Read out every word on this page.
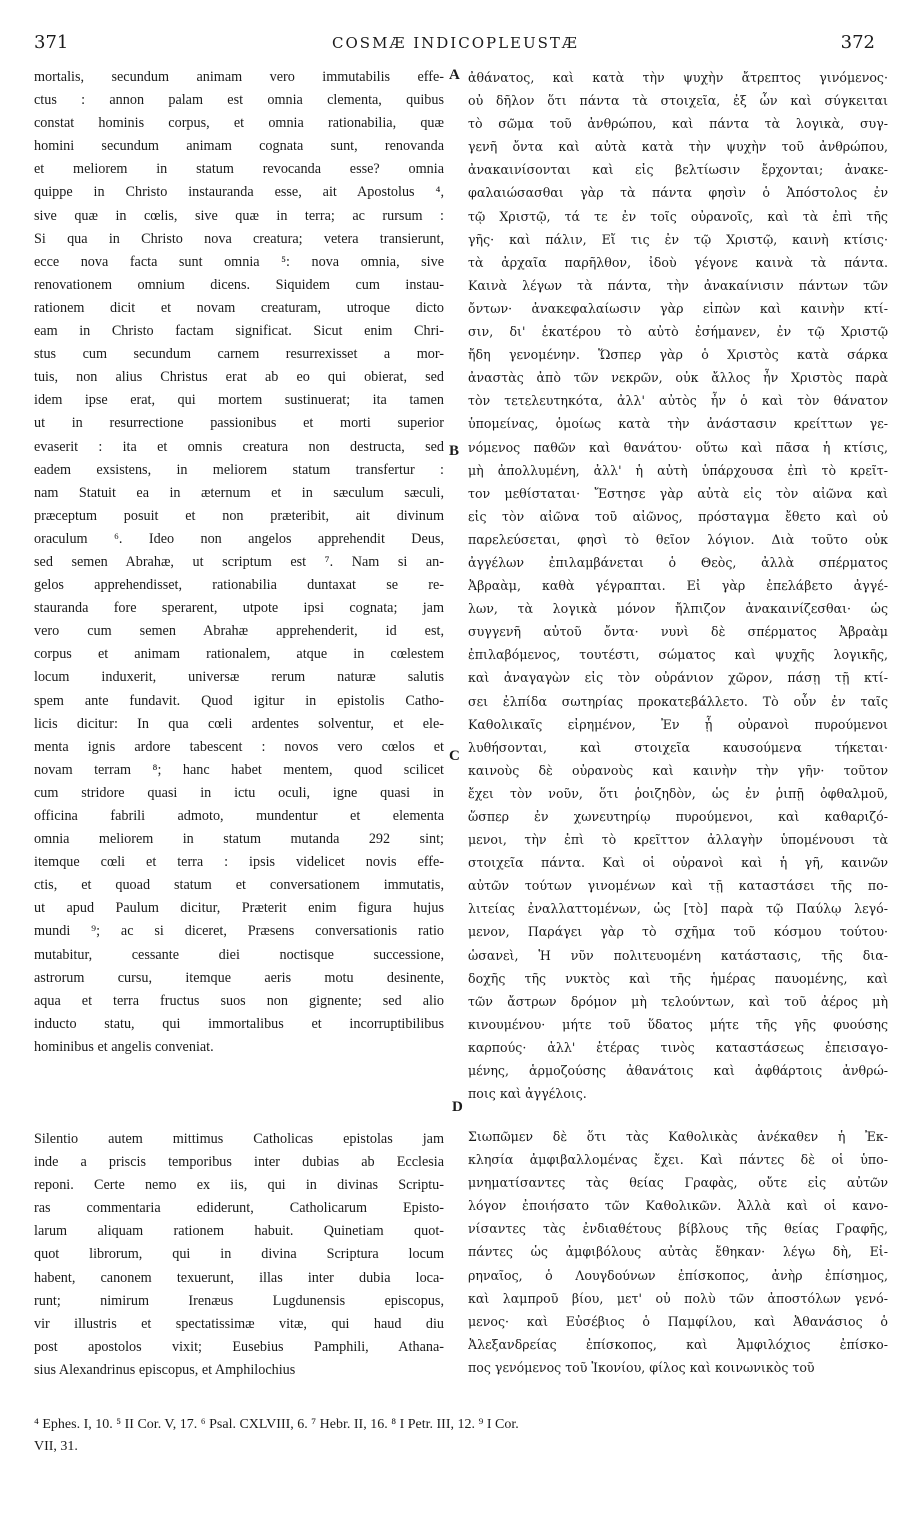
371	COSMÆ INDICOPLEUSTÆ	372
mortalis, secundum animam vero immutabilis effe-
ctus : annon palam est omnia clementa, quibus
constat hominis corpus, et omnia rationabilia, quæ
homini secundum animam cognata sunt, renovanda
et meliorem in statum revocanda esse? omnia
quippe in Christo instauranda esse, ait Apostolus ⁴,
sive quæ in cœlis, sive quæ in terra; ac rursum :
Si qua in Christo nova creatura; vetera transierunt,
ecce nova facta sunt omnia ⁵: nova omnia, sive
renovationem omnium dicens. Siquidem cum instau-
rationem dicit et novam creaturam, utroque dicto
eam in Christo factam significat. Sicut enim Chri-
stus cum secundum carnem resurrexisset a mor-
tuis, non alius Christus erat ab eo qui obierat, sed
idem ipse erat, qui mortem sustinuerat; ita tamen
ut in resurrectione passionibus et morti superior
evaserit : ita et omnis creatura non destructa, sed
eadem exsistens, in meliorem statum transfertur :
nam Statuit ea in æternum et in sæculum sæculi,
præceptum posuit et non præteribit, ait divinum
oraculum ⁶. Ideo non angelos apprehendit Deus,
sed semen Abrahæ, ut scriptum est ⁷. Nam si an-
gelos apprehendisset, rationabilia duntaxat se re-
stauranda fore sperarent, utpote ipsi cognata; jam
vero cum semen Abrahæ apprehenderit, id est,
corpus et animam rationalem, atque in cœlestem
locum induxerit, universæ rerum naturæ salutis
spem ante fundavit. Quod igitur in epistolis Catho-
licis dicitur: In qua cœli ardentes solventur, et ele-
menta ignis ardore tabescent : novos vero cœlos et
novam terram ⁸; hanc habet mentem, quod scilicet
cum stridore quasi in ictu oculi, igne quasi in
officina fabrili admoto, mundentur et elementa
omnia meliorem in statum mutanda 292 sint;
itemque cœli et terra : ipsis videlicet novis effe-
ctis, et quoad statum et conversationem immutatis,
ut apud Paulum dicitur, Præterit enim figura hujus
mundi ⁹; ac si diceret, Præsens conversationis ratio
mutabitur, cessante diei noctisque successione,
astrorum cursu, itemque aeris motu desinente,
aqua et terra fructus suos non gignente; sed alio
inducto statu, qui immortalibus et incorruptibilibus
hominibus et angelis conveniat.
Silentio autem mittimus Catholicas epistolas jam
inde a priscis temporibus inter dubias ab Ecclesia
reponi. Certe nemo ex iis, qui in divinas Scriptu-
ras commentaria ediderunt, Catholicarum Episto-
larum aliquam rationem habuit. Quinetiam quot-
quot librorum, qui in divina Scriptura locum
habent, canonem texuerunt, illas inter dubia loca-
runt; nimirum Irenæus Lugdunensis episcopus,
vir illustris et spectatissimæ vitæ, qui haud diu
post apostolos vixit; Eusebius Pamphili, Athana-
sius Alexandrinus episcopus, et Amphilochius
ἀθάνατος, καὶ κατὰ τὴν ψυχὴν ἄτρεπτος γινόμενος·
οὐ δῆλον ὅτι πάντα τὰ στοιχεῖα, ἐξ ὧν καὶ σύγκειται
τὸ σῶμα τοῦ ἀνθρώπου, καὶ πάντα τὰ λογικὰ, συγ-
γενῆ ὄντα καὶ αὐτὰ κατὰ τὴν ψυχὴν τοῦ ἀνθρώπου,
ἀνακαινίσονται καὶ εἰς βελτίωσιν ἔρχονται; ἀνακε-
φαλαιώσασθαι γὰρ τὰ πάντα φησὶν ὁ Ἀπόστολος ἐν
τῷ Χριστῷ, τά τε ἐν τοῖς οὐρανοῖς, καὶ τὰ ἐπὶ τῆς
γῆς· καὶ πάλιν, Εἴ τις ἐν τῷ Χριστῷ, καινὴ κτίσις·
τὰ ἀρχαῖα παρῆλθον, ἰδοὺ γέγονε καινὰ τὰ πάντα.
Καινὰ λέγων τὰ πάντα, τὴν ἀνακαίνισιν πάντων τῶν
ὄντων· ἀνακεφαλαίωσιν γὰρ εἰπὼν καὶ καινὴν κτί-
σιν, δι' ἑκατέρου τὸ αὐτὸ ἐσήμανεν, ἐν τῷ Χριστῷ
ἤδη γενομένην. Ὥσπερ γὰρ ὁ Χριστὸς κατὰ σάρκα
ἀναστὰς ἀπὸ τῶν νεκρῶν, οὐκ ἄλλος ἦν Χριστὸς παρὰ
τὸν τετελευτηκότα, ἀλλ' αὐτὸς ἦν ὁ καὶ τὸν θάνατον
ὑπομείνας, ὁμοίως κατὰ τὴν ἀνάστασιν κρείττων γε-
νόμενος παθῶν καὶ θανάτου· οὕτω καὶ πᾶσα ἡ κτίσις,
μὴ ἀπολλυμένη, ἀλλ' ἡ αὐτὴ ὑπάρχουσα ἐπὶ τὸ κρεῖτ-
τον μεθίσταται· Ἔστησε γὰρ αὐτὰ εἰς τὸν αἰῶνα καὶ
εἰς τὸν αἰῶνα τοῦ αἰῶνος, πρόσταγμα ἔθετο καὶ οὐ
παρελεύσεται, φησὶ τὸ θεῖον λόγιον. Διὰ τοῦτο οὐκ
ἀγγέλων ἐπιλαμβάνεται ὁ Θεὸς, ἀλλὰ σπέρματος
Ἀβραὰμ, καθὰ γέγραπται. Εἰ γὰρ ἐπελάβετο ἀγγέ-
λων, τὰ λογικὰ μόνον ἤλπιζον ἀνακαινίζεσθαι· ὡς
συγγενῆ αὐτοῦ ὄντα· νυνὶ δὲ σπέρματος Ἀβραὰμ
ἐπιλαβόμενος, τουτέστι, σώματος καὶ ψυχῆς λογικῆς,
καὶ ἀναγαγὼν εἰς τὸν οὐράνιον χῶρον, πάσῃ τῇ κτί-
σει ἐλπίδα σωτηρίας προκατεβάλλετο. Τὸ οὖν ἐν ταῖς
Καθολικαῖς εἰρημένον, Ἐν ᾗ οὐρανοὶ πυρούμενοι
λυθήσονται, καὶ στοιχεῖα καυσούμενα τήκεται·
καινοὺς δὲ οὐρανοὺς καὶ καινὴν τὴν γῆν· τοῦτον
ἔχει τὸν νοῦν, ὅτι ῥοιζηδὸν, ὡς ἐν ῥιπῇ ὀφθαλμοῦ,
ὥσπερ ἐν χωνευτηρίῳ πυρούμενοι, καὶ καθαριζό-
μενοι, τὴν ἐπὶ τὸ κρεῖττον ἀλλαγὴν ὑπομένουσι τὰ
στοιχεῖα πάντα. Καὶ οἱ οὐρανοὶ καὶ ἡ γῆ, καινῶν
αὐτῶν τούτων γινομένων καὶ τῇ καταστάσει τῆς πο-
λιτείας ἐναλλαττομένων, ὡς [τὸ] παρὰ τῷ Παύλῳ λεγό-
μενον, Παράγει γὰρ τὸ σχῆμα τοῦ κόσμου τούτου·
ὡσανεὶ, Ἡ νῦν πολιτευομένη κατάστασις, τῆς δια-
δοχῆς τῆς νυκτὸς καὶ τῆς ἡμέρας παυομένης, καὶ
τῶν ἄστρων δρόμον μὴ τελούντων, καὶ τοῦ ἀέρος μὴ
κινουμένου· μήτε τοῦ ὕδατος μήτε τῆς γῆς φυούσης
καρπούς· ἀλλ' ἑτέρας τινὸς καταστάσεως ἐπεισαγο-
μένης, ἁρμοζούσης ἀθανάτοις καὶ ἀφθάρτοις ἀνθρώ-
ποις καὶ ἀγγέλοις.
Σιωπῶμεν δὲ ὅτι τὰς Καθολικὰς ἀνέκαθεν ἡ Ἐκ-
κλησία ἀμφιβαλλομένας ἔχει. Καὶ πάντες δὲ οἱ ὑπο-
μνηματίσαντες τὰς θείας Γραφὰς, οὔτε εἰς αὐτῶν
λόγον ἐποιήσατο τῶν Καθολικῶν. Ἀλλὰ καὶ οἱ κανο-
νίσαντες τὰς ἐνδιαθέτους βίβλους τῆς θείας Γραφῆς,
πάντες ὡς ἀμφιβόλους αὐτὰς ἔθηκαν· λέγω δὴ, Εἰ-
ρηναῖος, ὁ Λουγδούνων ἐπίσκοπος, ἀνὴρ ἐπίσημος,
καὶ λαμπροῦ βίου, μετ' οὐ πολὺ τῶν ἀποστόλων γενό-
μενος· καὶ Εὐσέβιος ὁ Παμφίλου, καὶ Ἀθανάσιος ὁ
Ἀλεξανδρείας ἐπίσκοπος, καὶ Ἀμφιλόχιος ἐπίσκο-
πος γενόμενος τοῦ Ἰκονίου, φίλος καὶ κοινωνικὸς τοῦ
A
B
C
D
⁴ Ephes. I, 10. ⁵ II Cor. V, 17. ⁶ Psal. CXLVIII, 6. ⁷ Hebr. II, 16. ⁸ I Petr. III, 12. ⁹ I Cor.
VII, 31.
